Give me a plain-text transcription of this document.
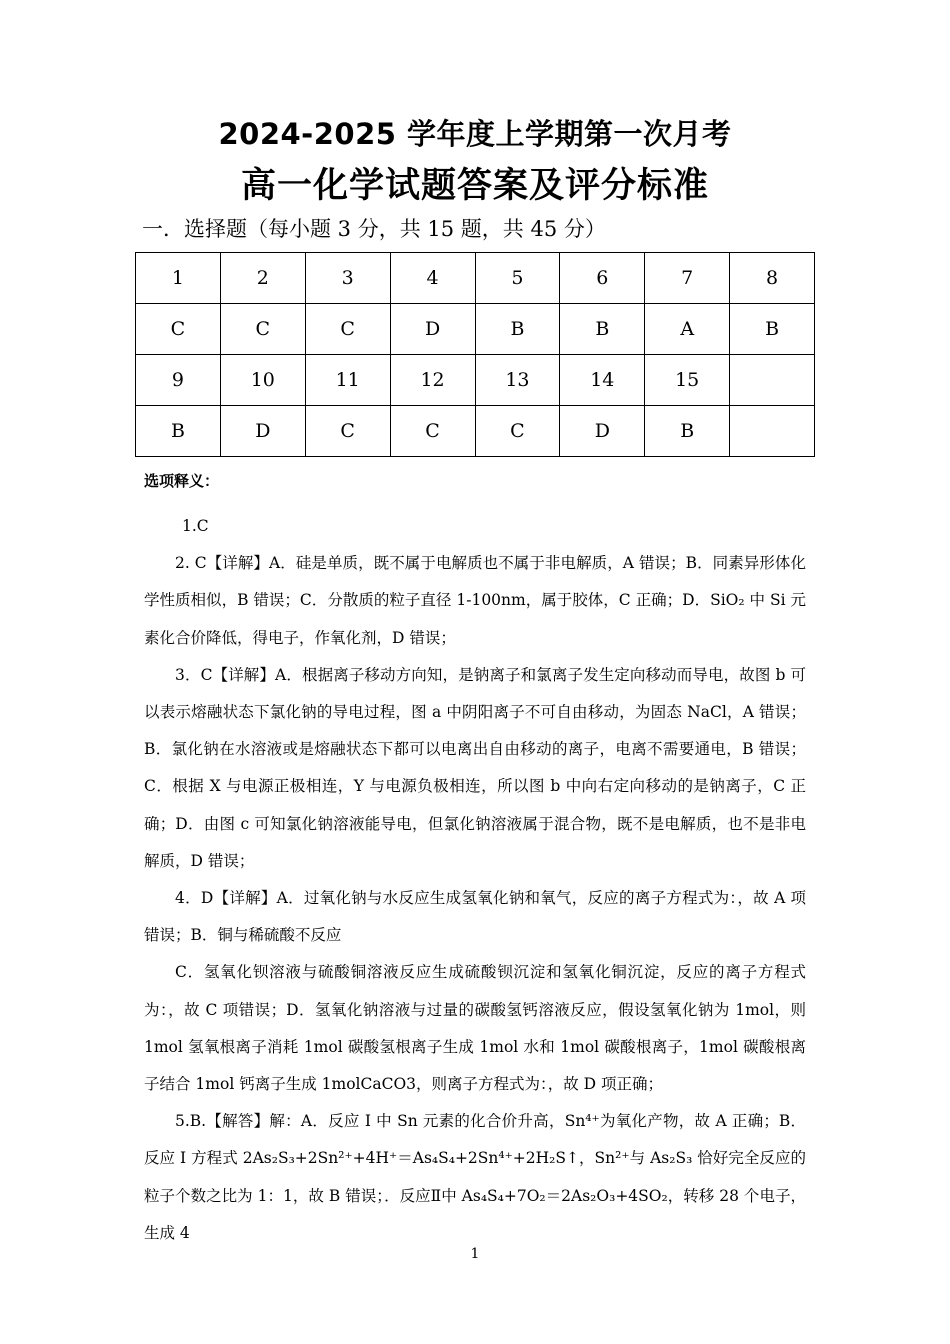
2024-2025 学年度上学期第一次月考
高一化学试题答案及评分标准
一．选择题（每小题 3 分，共 15 题，共 45 分）
1	2	3	4	5	6	7	8
C	C	C	D	B	B	A	B
9	10	11	12	13	14	15	
B	D	C	C	C	D	B	
选项释义：

1.C

2. C【详解】A．硅是单质，既不属于电解质也不属于非电解质，A 错误；B．同素异形体化学性质相似，B 错误；C．分散质的粒子直径 1-100nm，属于胶体，C 正确；D．SiO₂ 中 Si 元素化合价降低，得电子，作氧化剂，D 错误；

3．C【详解】A．根据离子移动方向知，是钠离子和氯离子发生定向移动而导电，故图 b 可以表示熔融状态下氯化钠的导电过程，图 a 中阴阳离子不可自由移动，为固态 NaCl，A 错误；B．氯化钠在水溶液或是熔融状态下都可以电离出自由移动的离子，电离不需要通电，B 错误；C．根据 X 与电源正极相连，Y 与电源负极相连，所以图 b 中向右定向移动的是钠离子，C 正确；D．由图 c 可知氯化钠溶液能导电，但氯化钠溶液属于混合物，既不是电解质，也不是非电解质，D 错误；

4．D【详解】A．过氧化钠与水反应生成氢氧化钠和氧气，反应的离子方程式为：，故 A 项错误；B．铜与稀硫酸不反应

C．氢氧化钡溶液与硫酸铜溶液反应生成硫酸钡沉淀和氢氧化铜沉淀，反应的离子方程式为：，故 C 项错误；D．氢氧化钠溶液与过量的碳酸氢钙溶液反应，假设氢氧化钠为 1mol，则 1mol 氢氧根离子消耗 1mol 碳酸氢根离子生成 1mol 水和 1mol 碳酸根离子，1mol 碳酸根离子结合 1mol 钙离子生成 1molCaCO3，则离子方程式为：，故 D 项正确；

5.B.【解答】解：A．反应 I 中 Sn 元素的化合价升高，Sn⁴⁺为氧化产物，故 A 正确；B．反应 I 方程式 2As₂S₃+2Sn²⁺+4H⁺＝As₄S₄+2Sn⁴⁺+2H₂S↑，Sn²⁺与 As₂S₃ 恰好完全反应的粒子个数之比为 1：1，故 B 错误；．反应Ⅱ中 As₄S₄+7O₂＝2As₂O₃+4SO₂，转移 28 个电子，生成 4

1
